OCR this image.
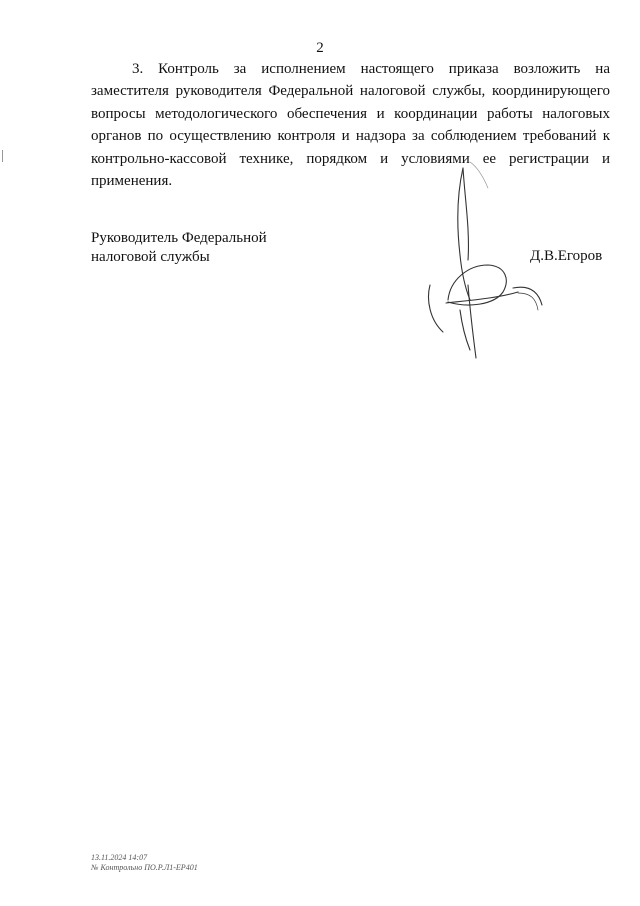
2

3. Контроль за исполнением настоящего приказа возложить на заместителя руководителя Федеральной налоговой службы, координирующего вопросы методологического обеспечения и координации работы налоговых органов по осуществлению контроля и надзора за соблюдением требований к контрольно-кассовой технике, порядком и условиями ее регистрации и применения.

Руководитель Федеральной
налоговой службы	Д.В.Егоров
13.11.2024 14:07
№ Контрольно ПО.Р.Л1-ЕР401
